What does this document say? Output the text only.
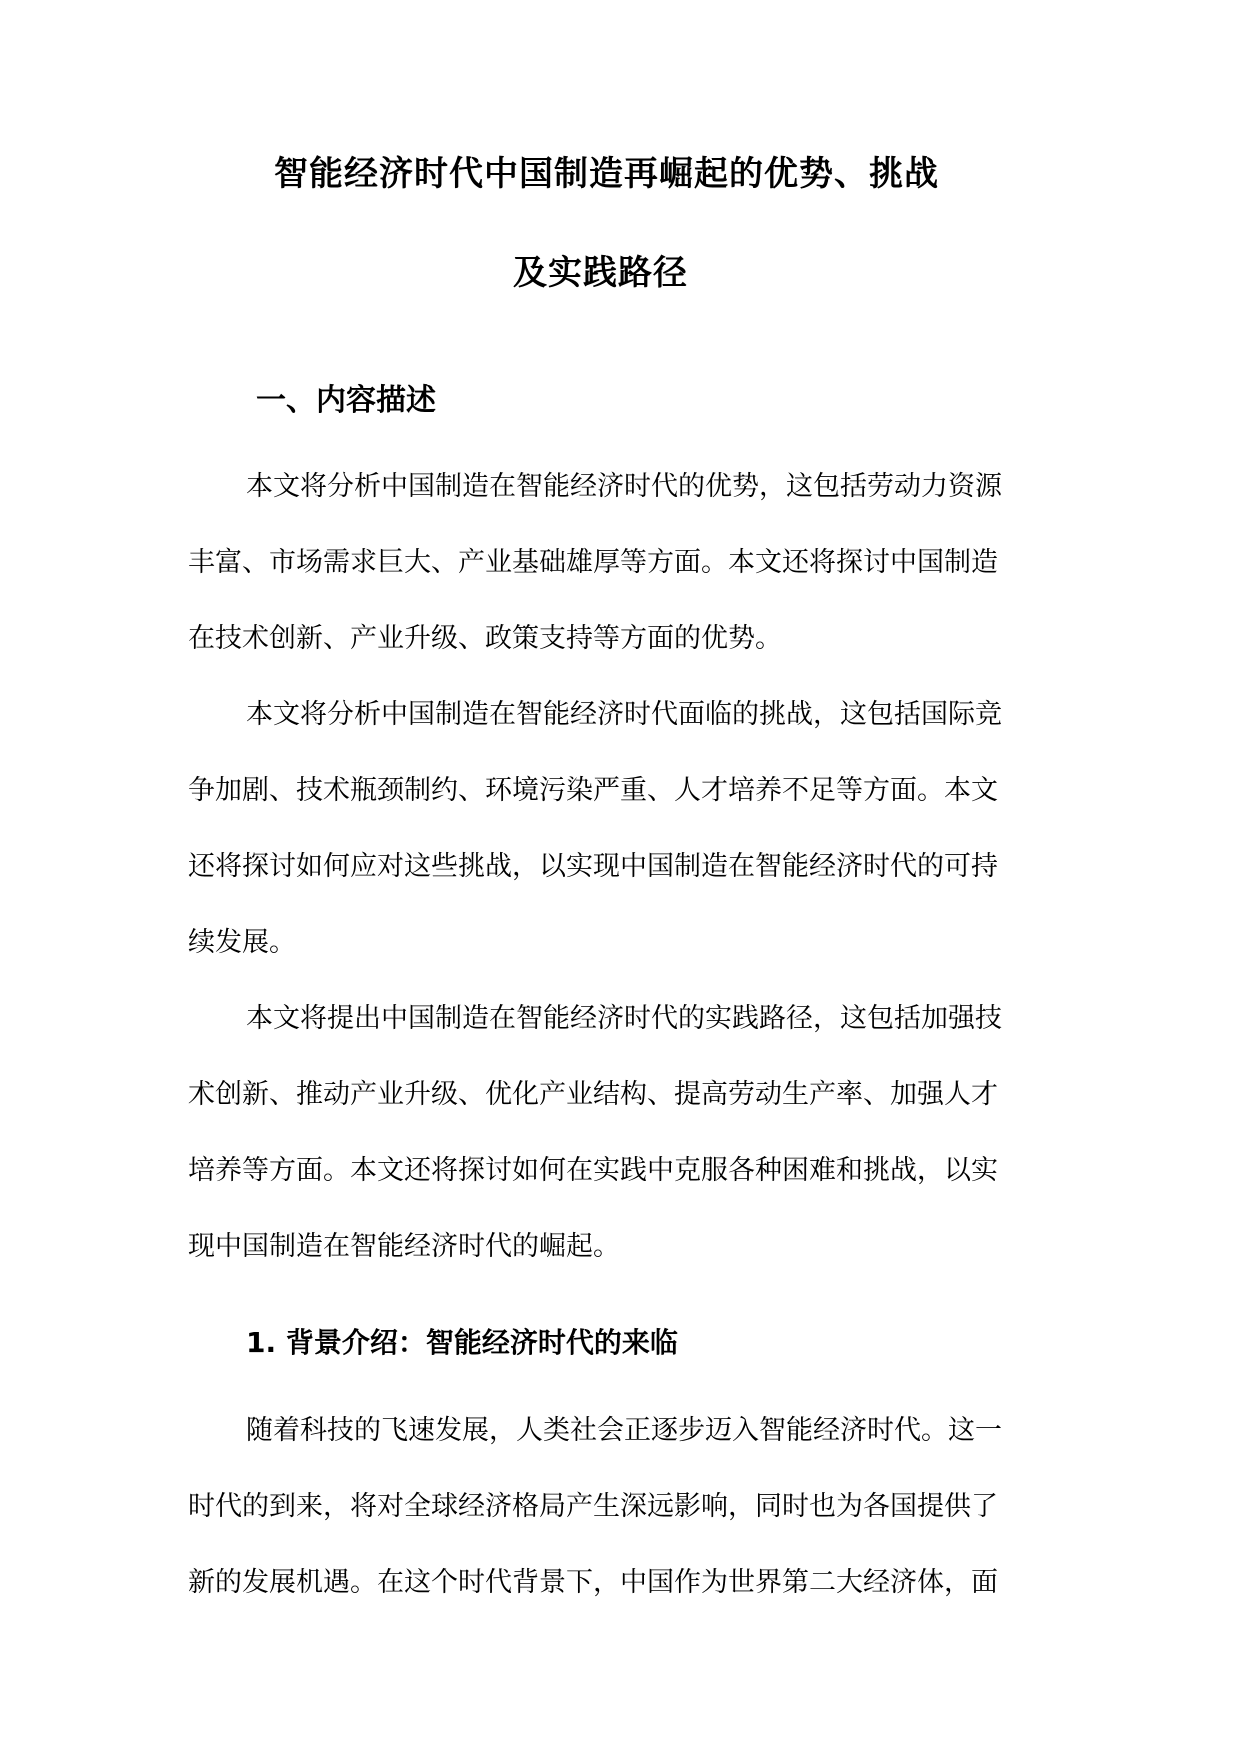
智能经济时代中国制造再崛起的优势、挑战
及实践路径
一、内容描述
本文将分析中国制造在智能经济时代的优势，这包括劳动力资源
丰富、市场需求巨大、产业基础雄厚等方面。本文还将探讨中国制造
在技术创新、产业升级、政策支持等方面的优势。
本文将分析中国制造在智能经济时代面临的挑战，这包括国际竞
争加剧、技术瓶颈制约、环境污染严重、人才培养不足等方面。本文
还将探讨如何应对这些挑战，以实现中国制造在智能经济时代的可持
续发展。
本文将提出中国制造在智能经济时代的实践路径，这包括加强技
术创新、推动产业升级、优化产业结构、提高劳动生产率、加强人才
培养等方面。本文还将探讨如何在实践中克服各种困难和挑战，以实
现中国制造在智能经济时代的崛起。
1. 背景介绍：智能经济时代的来临
随着科技的飞速发展，人类社会正逐步迈入智能经济时代。这一
时代的到来，将对全球经济格局产生深远影响，同时也为各国提供了
新的发展机遇。在这个时代背景下，中国作为世界第二大经济体，面
